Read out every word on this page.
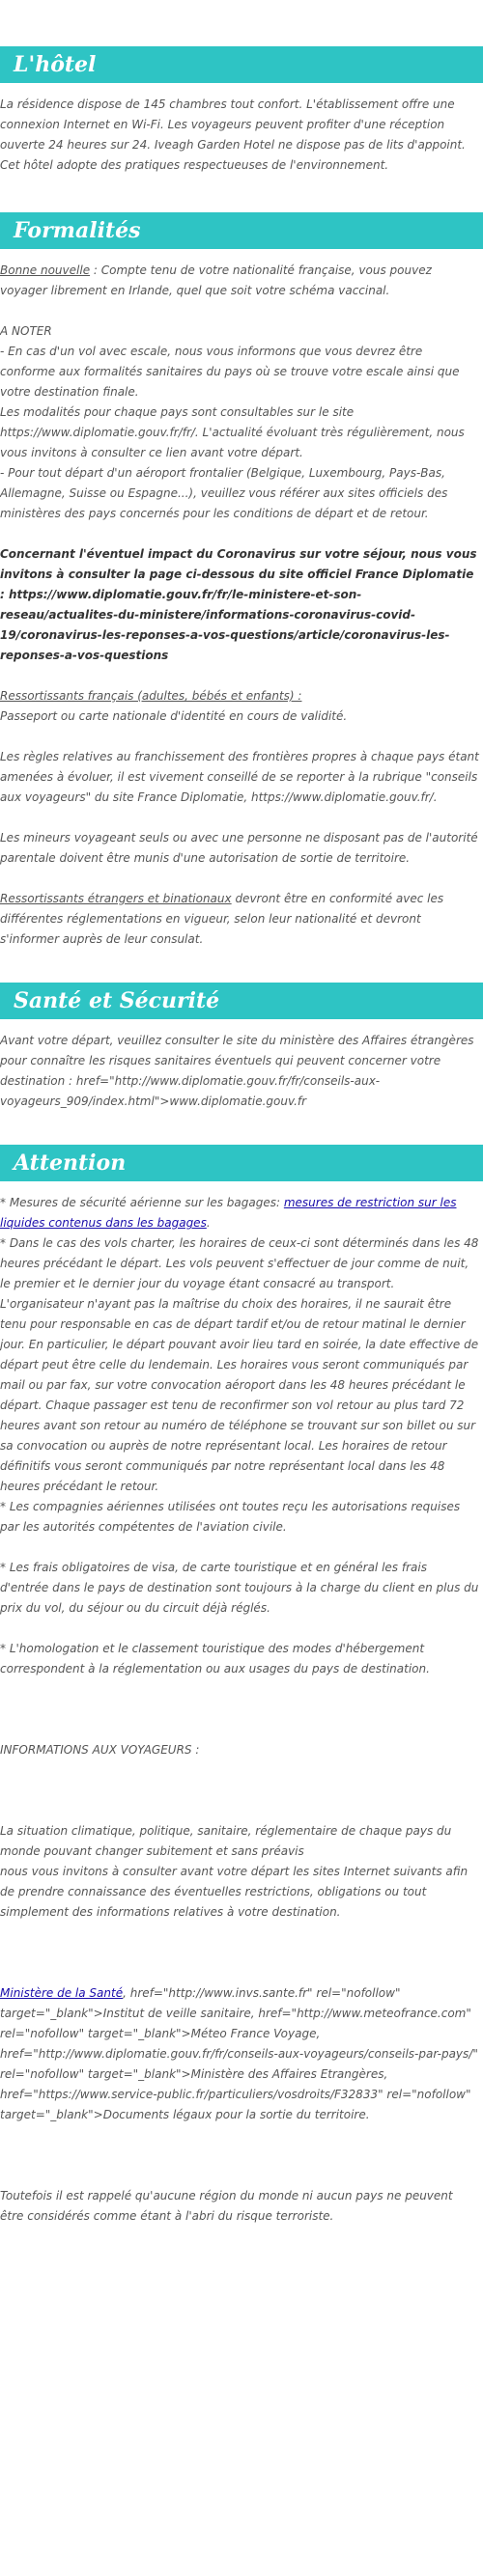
L'hôtel

La résidence dispose de 145 chambres tout confort. L'établissement offre une connexion Internet en Wi-Fi. Les voyageurs peuvent profiter d'une réception ouverte 24 heures sur 24. Iveagh Garden Hotel ne dispose pas de lits d'appoint. Cet hôtel adopte des pratiques respectueuses de l'environnement.

Formalités

Bonne nouvelle : Compte tenu de votre nationalité française, vous pouvez voyager librement en Irlande, quel que soit votre schéma vaccinal.

A NOTER

- En cas d'un vol avec escale, nous vous informons que vous devrez être conforme aux formalités sanitaires du pays où se trouve votre escale ainsi que votre destination finale.

Les modalités pour chaque pays sont consultables sur le site https://www.diplomatie.gouv.fr/fr/. L'actualité évoluant très régulièrement, nous vous invitons à consulter ce lien avant votre départ.

- Pour tout départ d'un aéroport frontalier (Belgique, Luxembourg, Pays-Bas, Allemagne, Suisse ou Espagne...), veuillez vous référer aux sites officiels des ministères des pays concernés pour les conditions de départ et de retour.

Concernant l'éventuel impact du Coronavirus sur votre séjour, nous vous invitons à consulter la page ci-dessous du site officiel France Diplomatie : https://www.diplomatie.gouv.fr/fr/le-ministere-et-son-reseau/actualites-du-ministere/informations-coronavirus-covid-19/coronavirus-les-reponses-a-vos-questions/article/coronavirus-les-reponses-a-vos-questions

Ressortissants français (adultes, bébés et enfants) :

Passeport ou carte nationale d'identité en cours de validité.

Les règles relatives au franchissement des frontières propres à chaque pays étant amenées à évoluer, il est vivement conseillé de se reporter à la rubrique "conseils aux voyageurs" du site France Diplomatie, https://www.diplomatie.gouv.fr/.

Les mineurs voyageant seuls ou avec une personne ne disposant pas de l'autorité parentale doivent être munis d'une autorisation de sortie de territoire.

Ressortissants étrangers et binationaux devront être en conformité avec les différentes réglementations en vigueur, selon leur nationalité et devront s'informer auprès de leur consulat.

Santé et Sécurité

Avant votre départ, veuillez consulter le site du ministère des Affaires étrangères pour connaître les risques sanitaires éventuels qui peuvent concerner votre destination : href="http://www.diplomatie.gouv.fr/fr/conseils-aux-voyageurs_909/index.html">www.diplomatie.gouv.fr

Attention

* Mesures de sécurité aérienne sur les bagages: mesures de restriction sur les liquides contenus dans les bagages.

* Dans le cas des vols charter, les horaires de ceux-ci sont déterminés dans les 48 heures précédant le départ. Les vols peuvent s'effectuer de jour comme de nuit, le premier et le dernier jour du voyage étant consacré au transport. L'organisateur n'ayant pas la maîtrise du choix des horaires, il ne saurait être tenu pour responsable en cas de départ tardif et/ou de retour matinal le dernier jour. En particulier, le départ pouvant avoir lieu tard en soirée, la date effective de départ peut être celle du lendemain. Les horaires vous seront communiqués par mail ou par fax, sur votre convocation aéroport dans les 48 heures précédant le départ. Chaque passager est tenu de reconfirmer son vol retour au plus tard 72 heures avant son retour au numéro de téléphone se trouvant sur son billet ou sur sa convocation ou auprès de notre représentant local. Les horaires de retour définitifs vous seront communiqués par notre représentant local dans les 48 heures précédant le retour.

* Les compagnies aériennes utilisées ont toutes reçu les autorisations requises par les autorités compétentes de l'aviation civile.

* Les frais obligatoires de visa, de carte touristique et en général les frais d'entrée dans le pays de destination sont toujours à la charge du client en plus du prix du vol, du séjour ou du circuit déjà réglés.

* L'homologation et le classement touristique des modes d'hébergement correspondent à la réglementation ou aux usages du pays de destination.

INFORMATIONS AUX VOYAGEURS :

La situation climatique, politique, sanitaire, réglementaire de chaque pays du monde pouvant changer subitement et sans préavis

nous vous invitons à consulter avant votre départ les sites Internet suivants afin de prendre connaissance des éventuelles restrictions, obligations ou tout simplement des informations relatives à votre destination.

Ministère de la Santé, href="http://www.invs.sante.fr" rel="nofollow" target="_blank">Institut de veille sanitaire, href="http://www.meteofrance.com" rel="nofollow" target="_blank">Méteo France Voyage, href="http://www.diplomatie.gouv.fr/fr/conseils-aux-voyageurs/conseils-par-pays/" rel="nofollow" target="_blank">Ministère des Affaires Etrangères, href="https://www.service-public.fr/particuliers/vosdroits/F32833" rel="nofollow" target="_blank">Documents légaux pour la sortie du territoire.

Toutefois il est rappelé qu'aucune région du monde ni aucun pays ne peuvent être considérés comme étant à l'abri du risque terroriste.
